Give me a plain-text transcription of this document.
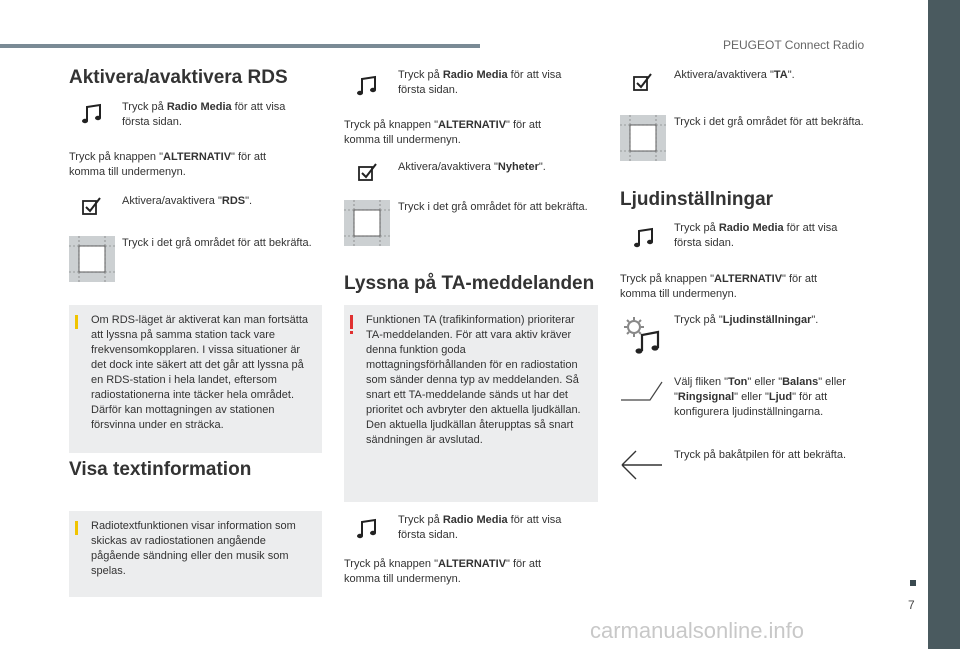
PEUGEOT Connect Radio
7
Aktivera/avaktivera RDS
Tryck på Radio Media för att visa första sidan.
Tryck på knappen "ALTERNATIV" för att komma till undermenyn.
Aktivera/avaktivera "RDS".
Tryck i det grå området för att bekräfta.
Om RDS-läget är aktiverat kan man fortsätta att lyssna på samma station tack vare frekvensomkopplaren. I vissa situationer är det dock inte säkert att det går att lyssna på en RDS-station i hela landet, eftersom radiostationerna inte täcker hela området. Därför kan mottagningen av stationen försvinna under en sträcka.
Visa textinformation
Radiotextfunktionen visar information som skickas av radiostationen angående pågående sändning eller den musik som spelas.
Tryck på Radio Media för att visa första sidan.
Tryck på knappen "ALTERNATIV" för att komma till undermenyn.
Aktivera/avaktivera "Nyheter".
Tryck i det grå området för att bekräfta.
Lyssna på TA-meddelanden
Funktionen TA (trafikinformation) prioriterar TA-meddelanden. För att vara aktiv kräver denna funktion goda mottagningsförhållanden för en radiostation som sänder denna typ av meddelanden. Så snart ett TA-meddelande sänds ut har det prioritet och avbryter den aktuella ljudkällan. Den aktuella ljudkällan återupptas så snart sändningen är avslutad.
Tryck på Radio Media för att visa första sidan.
Tryck på knappen "ALTERNATIV" för att komma till undermenyn.
Aktivera/avaktivera "TA".
Tryck i det grå området för att bekräfta.
Ljudinställningar
Tryck på Radio Media för att visa första sidan.
Tryck på knappen "ALTERNATIV" för att komma till undermenyn.
Tryck på "Ljudinställningar".
Välj fliken "Ton" eller "Balans" eller "Ringsignal" eller "Ljud" för att konfigurera ljudinställningarna.
Tryck på bakåtpilen för att bekräfta.
carmanualsonline.info
